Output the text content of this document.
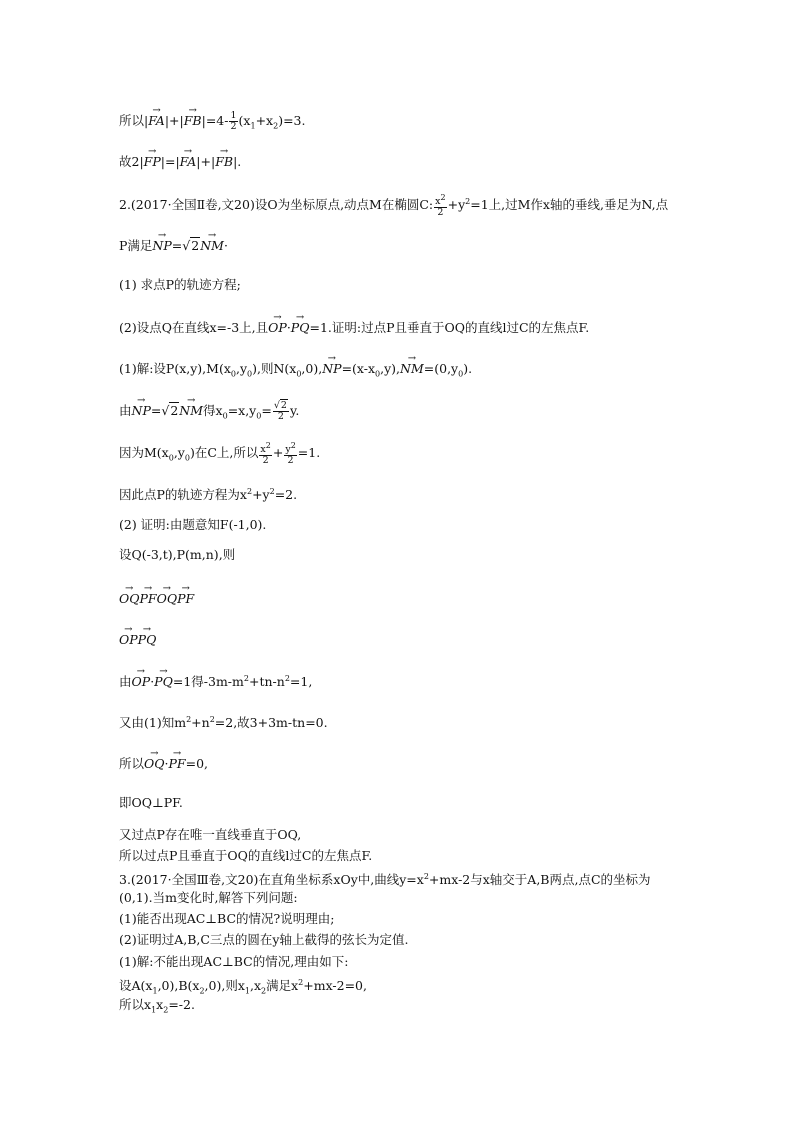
所以|→ $FA|+|\to FB|=4- \frac{1}{2} (x_1+x_2)=3$.
故2|→ FP|=|→ FA|+|→ FB|.
2.(2017·全国Ⅱ卷,文20)设O为坐标原点,动点M在椭圆C: $\frac{x^2}{2} +y^2=1$上,过M作x轴的垂线,垂足为N,点
P满足→ NP=√2→ NM·
(1) 求点P的轨迹方程;
(2)设点Q在直线x=-3上,且→ OP·→ PQ=1.证明:过点P且垂直于OQ的直线l过C的左焦点F.
(1)解:设$P(x,y),M(x_0,y_0)$,则$N(x_0,0),\to NP=(x-x_0,y),\to NM=(0,y_0)$.
由→ NP=√2→ NM得$x_0=x,y_0= \frac{√2}{2} y$.
因为$M(x_0,y_0)$在C上,所以 $\frac{x^2}{2} + \frac{y^2}{2} =1$.
因此点P的轨迹方程为$x^2+y^2=2$.
(2) 证明:由题意知F(-1,0).
设Q(-3,t),P(m,n),则
→ OQ→ PF→ OQ→ PF
→ OP→ PQ
由→ OP·→ PQ=1得$-3m-m^2+tn-n^2=1$,
又由(1)知$m^2+n^2=2$,故3+3m-tn=0.
所以→ OQ·→ PF=0,
即OQ⊥PF.
又过点P存在唯一直线垂直于OQ,
所以过点P且垂直于OQ的直线l过C的左焦点F.
3.(2017·全国Ⅲ卷,文20)在直角坐标系xOy中,曲线$y=x^2+mx-2$与x轴交于A,B两点,点C的坐标为
(0,1).当m变化时,解答下列问题:
(1)能否出现AC⊥BC的情况?说明理由;
(2)证明过A,B,C三点的圆在y轴上截得的弦长为定值.
(1)解:不能出现AC⊥BC的情况,理由如下:
设$A(x_1,0),B(x_2,0)$,则$x_1,x_2$满足$x^2+mx-2=0$,
所以$x_1x_2=-2$.
